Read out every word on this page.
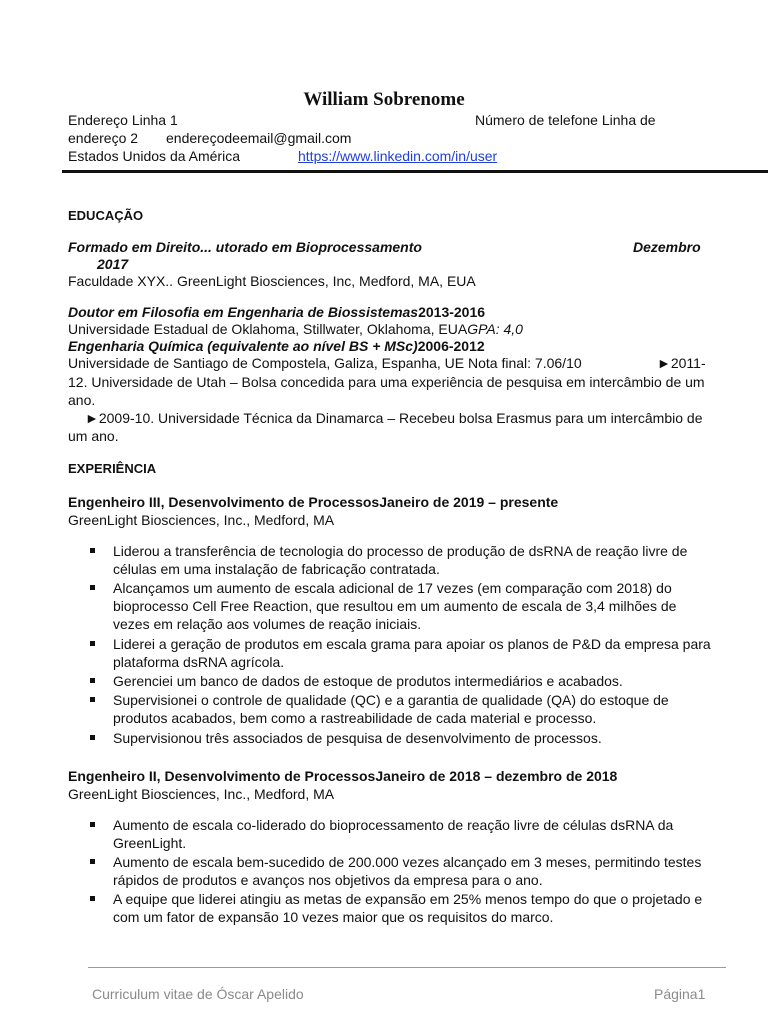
William Sobrenome
Endereço Linha 1	Número de telefone Linha de
endereço 2 endereçodeemail@gmail.com
Estados Unidos da América	https://www.linkedin.com/in/user
EDUCAÇÃO
Formado em Direito... utorado em Bioprocessamento	Dezembro
2017
Faculdade XYX.. GreenLight Biosciences, Inc, Medford, MA, EUA
Doutor em Filosofia em Engenharia de Biossistemas2013-2016
Universidade Estadual de Oklahoma, Stillwater, Oklahoma, EUAGPA: 4,0
Engenharia Química (equivalente ao nível BS + MSc)2006-2012
Universidade de Santiago de Compostela, Galiza, Espanha, UE Nota final: 7.06/10	►2011-
12. Universidade de Utah – Bolsa concedida para uma experiência de pesquisa em intercâmbio de um
ano.
►2009-10. Universidade Técnica da Dinamarca – Recebeu bolsa Erasmus para um intercâmbio de
um ano.
EXPERIÊNCIA
Engenheiro III, Desenvolvimento de ProcessosJaneiro de 2019 – presente
GreenLight Biosciences, Inc., Medford, MA
Liderou a transferência de tecnologia do processo de produção de dsRNA de reação livre de
células em uma instalação de fabricação contratada.
Alcançamos um aumento de escala adicional de 17 vezes (em comparação com 2018) do
bioprocesso Cell Free Reaction, que resultou em um aumento de escala de 3,4 milhões de
vezes em relação aos volumes de reação iniciais.
Liderei a geração de produtos em escala grama para apoiar os planos de P&D da empresa para
plataforma dsRNA agrícola.
Gerenciei um banco de dados de estoque de produtos intermediários e acabados.
Supervisionei o controle de qualidade (QC) e a garantia de qualidade (QA) do estoque de
produtos acabados, bem como a rastreabilidade de cada material e processo.
Supervisionou três associados de pesquisa de desenvolvimento de processos.
Engenheiro II, Desenvolvimento de ProcessosJaneiro de 2018 – dezembro de 2018
GreenLight Biosciences, Inc., Medford, MA
Aumento de escala co-liderado do bioprocessamento de reação livre de células dsRNA da
GreenLight.
Aumento de escala bem-sucedido de 200.000 vezes alcançado em 3 meses, permitindo testes
rápidos de produtos e avanços nos objetivos da empresa para o ano.
A equipe que liderei atingiu as metas de expansão em 25% menos tempo do que o projetado e
com um fator de expansão 10 vezes maior que os requisitos do marco.
Curriculum vitae de Óscar Apelido	Página1
